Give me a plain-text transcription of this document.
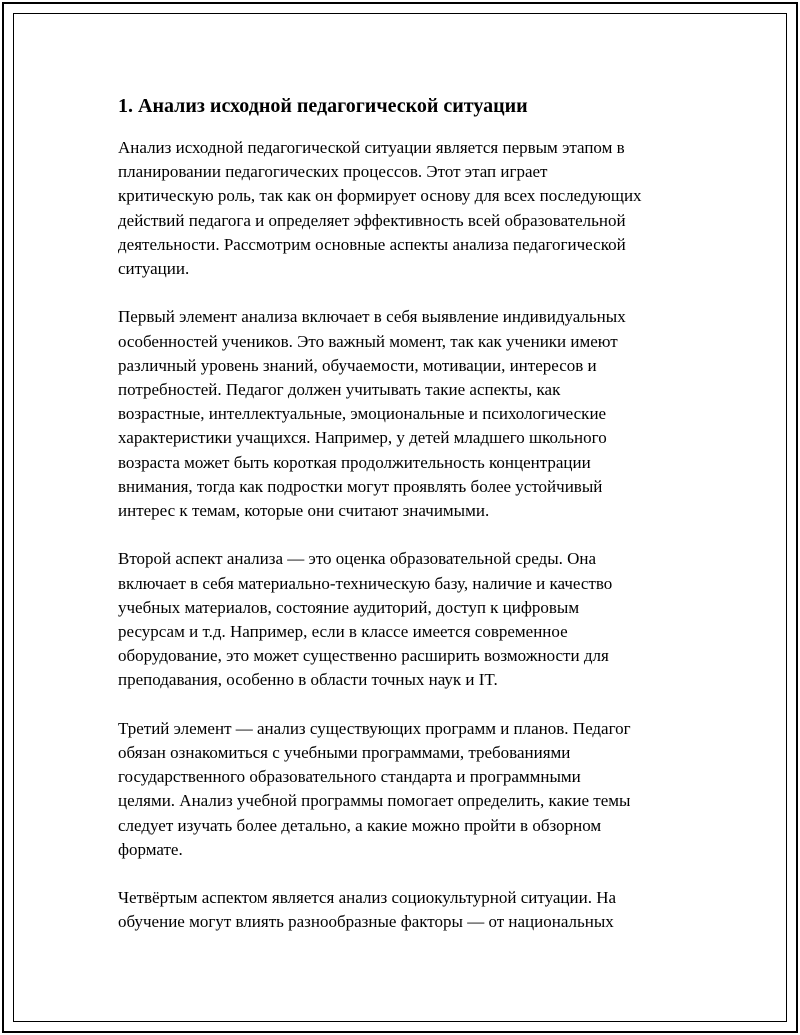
1. Анализ исходной педагогической ситуации
Анализ исходной педагогической ситуации является первым этапом в
планировании педагогических процессов. Этот этап играет
критическую роль, так как он формирует основу для всех последующих
действий педагога и определяет эффективность всей образовательной
деятельности. Рассмотрим основные аспекты анализа педагогической
ситуации.
Первый элемент анализа включает в себя выявление индивидуальных
особенностей учеников. Это важный момент, так как ученики имеют
различный уровень знаний, обучаемости, мотивации, интересов и
потребностей. Педагог должен учитывать такие аспекты, как
возрастные, интеллектуальные, эмоциональные и психологические
характеристики учащихся. Например, у детей младшего школьного
возраста может быть короткая продолжительность концентрации
внимания, тогда как подростки могут проявлять более устойчивый
интерес к темам, которые они считают значимыми.
Второй аспект анализа — это оценка образовательной среды. Она
включает в себя материально-техническую базу, наличие и качество
учебных материалов, состояние аудиторий, доступ к цифровым
ресурсам и т.д. Например, если в классе имеется современное
оборудование, это может существенно расширить возможности для
преподавания, особенно в области точных наук и IT.
Третий элемент — анализ существующих программ и планов. Педагог
обязан ознакомиться с учебными программами, требованиями
государственного образовательного стандарта и программными
целями. Анализ учебной программы помогает определить, какие темы
следует изучать более детально, а какие можно пройти в обзорном
формате.
Четвёртым аспектом является анализ социокультурной ситуации. На
обучение могут влиять разнообразные факторы — от национальных
